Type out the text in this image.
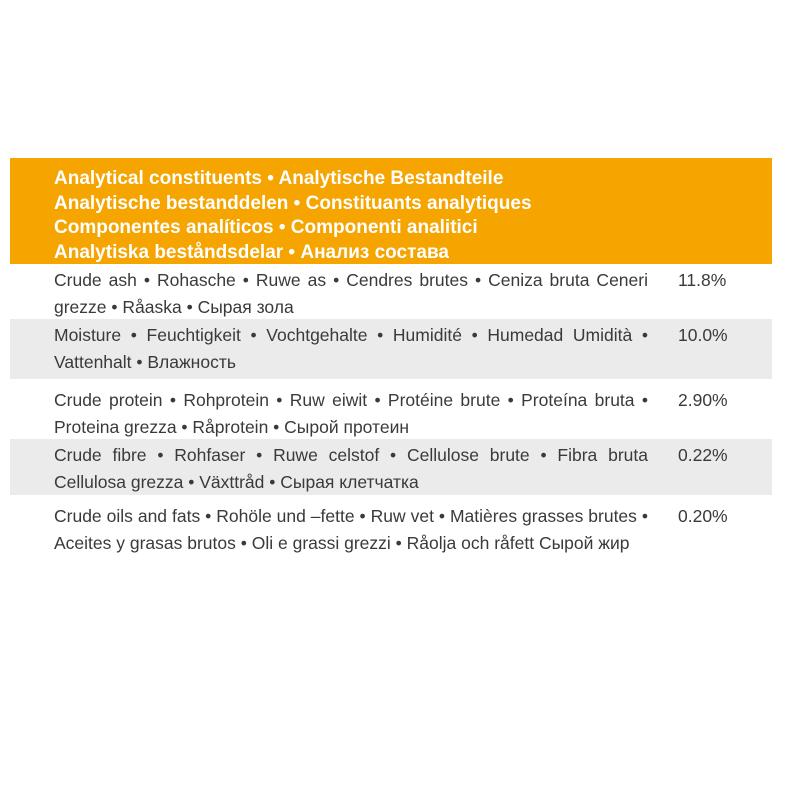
Analytical constituents • Analytische Bestandteile
Analytische bestanddelen • Constituants analytiques
Componentes analíticos • Componenti analitici
Analytiska beståndsdelar • Анализ состава
Crude ash • Rohasche • Ruwe as • Cendres brutes • Ceniza bruta Ceneri grezze • Råaska • Сырая зола
11.8%
Moisture • Feuchtigkeit • Vochtgehalte • Humidité • Humedad Umidità • Vattenhalt • Влажность
10.0%
Crude protein • Rohprotein • Ruw eiwit • Protéine brute • Proteína bruta • Proteina grezza • Råprotein • Сырой протеин
2.90%
Crude fibre • Rohfaser • Ruwe celstof • Cellulose brute • Fibra bruta Cellulosa grezza • Växttråd • Сырая клетчатка
0.22%
Crude oils and fats • Rohöle und –fette • Ruw vet • Matières grasses brutes • Aceites y grasas brutos • Oli e grassi grezzi • Råolja och råfett Сырой жир
0.20%
